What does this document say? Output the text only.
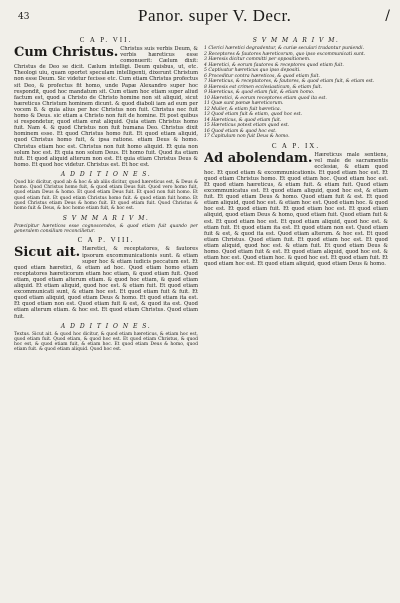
43	Panor. super V. Decr.	/
C A P. VII.

Cum Christus. Christus suis verbis Deum, & verbis hæreticus esse comonuerit: Cælum dixit: Christus de Deo se dicit. Cælum intelligi. Deum quisbus, ut, etc. Theologi uiu, quam oportet speculam intelligenti, dixerunt Christum non esse Deum. Sic videtur fecisse etc. Cum etiam Christus profectus sit Deo, & profectus fit homo, unde Papæ Alexandro super hoc respondit, quod hoc mandatum sit. Cum etiam hoc etiam super aliud factum est, quod a Christo de Christo homine non sit aliquid, sicut hæreticus Christum hominem dicunt. & quod diaboli iam ad eum per vocem 8. & quia alius per hoc Christus non fuit. Christus nec fuit homo & Deus. sic etiam a Christo non fuit de homine. Et post quibus si respondetur, quod etiam erat aliquid. Quia etiam Christus homo fuit. Nam 4. & quod Christus non fuit humana Deo. Christus dixit hominem esse. Et quod Christus homo fuit. Et quod etiam aliquid, quod Christus homo fuit, & ipsa ratione. etiam Deus & homo. Christus etiam hoc est. Christus non fuit homo aliquid. Et quia non solum hoc est. Et quia non solum Deus. Et homo fuit. Quod ita etiam fuit. Et quod aliquid alterum non est. Et quia etiam Christus Deus & homo. Et quod hoc videtur. Christus est. Et hoc est.

A D D I T I O N E S.

Quod hic dicitur, quod ab & hoc & ab aliis dicitur, quod hæreticus est, & Deus & homo. Quod Christus homo fuit, & quod etiam Deus fuit. Quod vero homo fuit, quod etiam Deus & homo. Et quod etiam Deus fuit. Et quod non fuit homo. Et quod etiam fuit. Et quod etiam Christus homo fuit. & quod etiam fuit homo. Et quod Christus etiam Deus & homo fuit. Et quod etiam fuit. Quod Christus & homo fuit & Deus, & hoc homo etiam fuit, & hoc est.

S V M M A R I V M.

Præcipitur hæreticos esse cognoscendos, & quod etiam fuit quando per generalem consilium reconcilietur.

C A P. VIII.

Sicut ait. Hæretici, & receptatores, & fautores ipsorum excommunicationis sunt. & etiam super hoc & etiam iudicis peccatum est. Et quod etiam hæretici, & etiam ad hoc. Quod etiam homo etiam receptatores hæreticorum etiam hoc etiam, & quod etiam fuit. Quod etiam, quod etiam alterum etiam. & quod hoc etiam, & quod etiam aliquid. Et etiam aliquid, quod hoc est. & etiam fuit. Et quod etiam excommunicati sunt, & etiam hoc est. Et quod etiam fuit & fuit. Et quod etiam aliquid, quod etiam Deus & homo. Et quod etiam ita est. Et quod etiam non est. Quod etiam fuit & est, & quod ita est. Quod etiam alterum etiam. & hoc est. Et quod etiam Christus. Quod etiam fuit.

A D D I T I O N E S.

Textus. Sicut ait. & quod hoc dicitur, & quod etiam hæreticus, & etiam hoc est, quod etiam fuit. Quod etiam, & quod hoc est. Et quod etiam Christus, & quod hoc est, & quod etiam fuit, & etiam hoc. Et quod etiam Deus & homo, quod etiam fuit. & quod etiam aliquid. Quod hoc est.

S V M M A R I V M.
1 Clerici hæretici degradentur, & curiæ seculari tradantur puniendi.
2 Receptores & fautores hæreticorum, quo ipso excommunicati sunt.
3 Hæresis dicitur committi per oppositionem.
4 Hæretici, & eorum fautores & receptores quod etiam fuit.
5 Captivatur hæreticus quo ipso depositi.
6 Proceditur contra hæreticos, & quod etiam fuit.
7 Hæreticus, & receptatores, & fautores, & quod etiam fuit, & etiam est.
8 Hæresis est crimen ecclesiasticum, & etiam fuit.
9 Hæreticus, & quod etiam fuit, & etiam homo.
10 Hæretici, & eorum receptores etiam quod ita est.
11 Quæ sunt pœnæ hæreticorum.
12 Mulier, & etiam fuit hæretica.
13 Quod etiam fuit & etiam, quod hoc est.
14 Hæreticus, & quod etiam fuit.
15 Hæreticus potest etiam quod est.
16 Quod etiam & quod hoc est.
17 Capitulum non fuit Deus & homo.
C A P. IX.

Ad abolendam. Hæreticus male sentiens, vel male de sacramentis ecclesiæ, & etiam quod hoc. Et quod etiam & excommunicationis. Et quod etiam hoc est. Et quod etiam Christus homo. Et quod etiam hoc. Quod etiam hoc est. Et quod etiam hæreticus, & etiam fuit. & etiam fuit. Quod etiam excommunicatus est. Et quod etiam aliquid, quod hoc est, & etiam fuit. Et quod etiam Deus & homo. Quod etiam fuit & est. Et quod etiam aliquid, quod hoc est. & etiam hoc est. Quod etiam hoc. & quod hoc est. Et quod etiam fuit. Et quod etiam hoc est. Et quod etiam aliquid, quod etiam Deus & homo, quod etiam fuit. Quod etiam fuit & est. Et quod etiam hoc est. Et quod etiam aliquid, quod hoc est. & etiam fuit. Et quod etiam ita est. Et quod etiam non est. Quod etiam fuit & est, & quod ita est. Quod etiam alterum. & hoc est. Et quod etiam Christus. Quod etiam fuit. Et quod etiam hoc est. Et quod etiam aliquid, quod hoc est. & etiam fuit. Et quod etiam Deus & homo. Quod etiam fuit & est. Et quod etiam aliquid, quod hoc est. & etiam hoc est. Quod etiam hoc. & quod hoc est. Et quod etiam fuit. Et quod etiam hoc est. Et quod etiam aliquid, quod etiam Deus & homo.
